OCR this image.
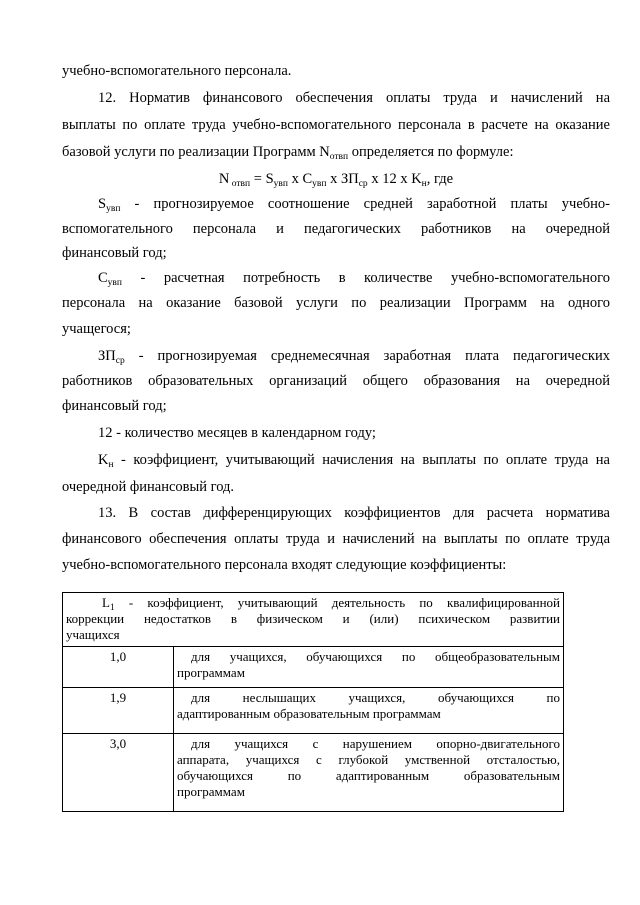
учебно-вспомогательного персонала.
12. Норматив финансового обеспечения оплаты труда и начислений на
выплаты по оплате труда учебно-вспомогательного персонала в расчете на оказание
базовой услуги по реализации Программ $N_{отвп}$ определяется по формуле:
N $_{отвп} = S_{увп}$ x $C_{увп}$ x $ЗП_{ср}$ x 12 x $K_н$, где
$S_{увп}$ - прогнозируемое соотношение средней заработной платы учебно-
вспомогательного персонала и педагогических работников на очередной
финансовый год;
$C_{увп}$ - расчетная потребность в количестве учебно-вспомогательного
персонала на оказание базовой услуги по реализации Программ на одного
учащегося;
$ЗП_{ср}$ - прогнозируемая среднемесячная заработная плата педагогических
работников образовательных организаций общего образования на очередной
финансовый год;
12 - количество месяцев в календарном году;
$K_н$ - коэффициент, учитывающий начисления на выплаты по оплате труда на
очередной финансовый год.
13. В состав дифференцирующих коэффициентов для расчета норматива
финансового обеспечения оплаты труда и начислений на выплаты по оплате труда
учебно-вспомогательного персонала входят следующие коэффициенты:
$L_1$ - коэффициент, учитывающий деятельность по квалифицированной
коррекции недостатков в физическом и (или) психическом развитии
учащихся	

1,0	для учащихся, обучающихся по общеобразовательным
программам

1,9	для неслышащих учащихся, обучающихся по
адаптированным образовательным программам

3,0	для учащихся с нарушением опорно-двигательного
аппарата, учащихся с глубокой умственной отсталостью,
обучающихся по адаптированным образовательным
программам
